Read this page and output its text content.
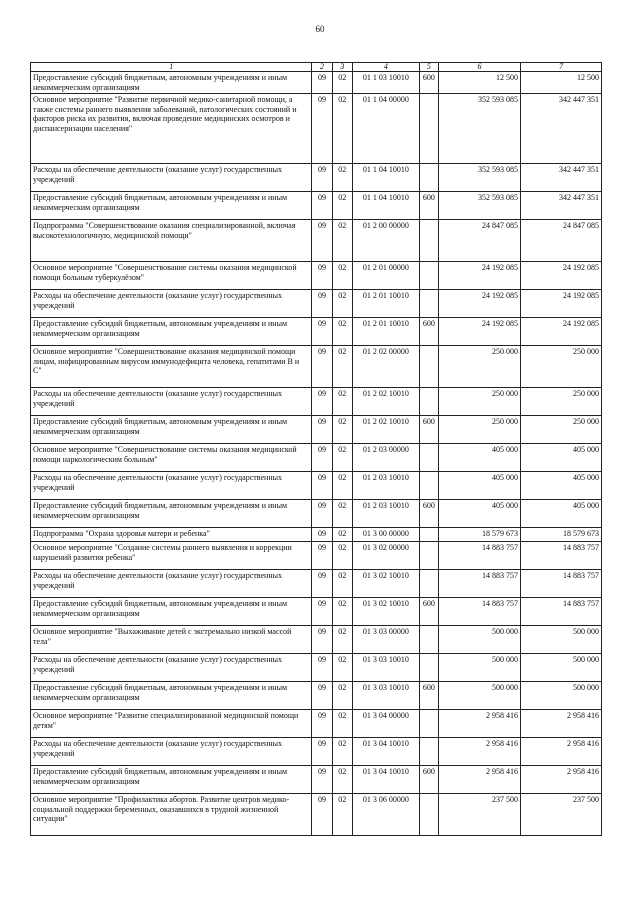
60
1	2	3	4	5	6	7
Предоставление субсидий бюджетным, автономным учреждениям и иным некоммерческим организациям	09	02	01 1 03 10010	600	12 500	12 500
Основное мероприятие "Развитие первичной медико-санитарной помощи, а также системы раннего выявления заболеваний, патологических состояний и факторов риска их развития, включая проведение медицинских осмотров и диспансеризации населения"	09	02	01 1 04 00000		352 593 085	342 447 351
Расходы на обеспечение деятельности (оказание услуг) государственных учреждений	09	02	01 1 04 10010		352 593 085	342 447 351
Предоставление субсидий бюджетным, автономным учреждениям и иным некоммерческим организациям	09	02	01 1 04 10010	600	352 593 085	342 447 351
Подпрограмма "Совершенствование оказания специализированной, включая высокотехнологичную, медицинской помощи"	09	02	01 2 00 00000		24 847 085	24 847 085
Основное мероприятие "Совершенствование системы оказания медицинской помощи больным туберкулёзом"	09	02	01 2 01 00000		24 192 085	24 192 085
Расходы на обеспечение деятельности (оказание услуг) государственных учреждений	09	02	01 2 01 10010		24 192 085	24 192 085
Предоставление субсидий бюджетным, автономным учреждениям и иным некоммерческим организациям	09	02	01 2 01 10010	600	24 192 085	24 192 085
Основное мероприятие "Совершенствование оказания медицинской помощи лицам, инфицированным вирусом иммунодефицита человека, гепатитами В и С"	09	02	01 2 02 00000		250 000	250 000
Расходы на обеспечение деятельности (оказание услуг) государственных учреждений	09	02	01 2 02 10010		250 000	250 000
Предоставление субсидий бюджетным, автономным учреждениям и иным некоммерческим организациям	09	02	01 2 02 10010	600	250 000	250 000
Основное мероприятие "Совершенствование системы оказания медицинской помощи наркологическим больным"	09	02	01 2 03 00000		405 000	405 000
Расходы на обеспечение деятельности (оказание услуг) государственных учреждений	09	02	01 2 03 10010		405 000	405 000
Предоставление субсидий бюджетным, автономным учреждениям и иным некоммерческим организациям	09	02	01 2 03 10010	600	405 000	405 000
Подпрограмма "Охрана здоровья матери и ребенка"	09	02	01 3 00 00000		18 579 673	18 579 673
Основное мероприятие "Создание системы раннего выявления и коррекции нарушений развития ребенка"	09	02	01 3 02 00000		14 883 757	14 883 757
Расходы на обеспечение деятельности (оказание услуг) государственных учреждений	09	02	01 3 02 10010		14 883 757	14 883 757
Предоставление субсидий бюджетным, автономным учреждениям и иным некоммерческим организациям	09	02	01 3 02 10010	600	14 883 757	14 883 757
Основное мероприятие "Выхаживание детей с экстремально низкой массой тела"	09	02	01 3 03 00000		500 000	500 000
Расходы на обеспечение деятельности (оказание услуг) государственных учреждений	09	02	01 3 03 10010		500 000	500 000
Предоставление субсидий бюджетным, автономным учреждениям и иным некоммерческим организациям	09	02	01 3 03 10010	600	500 000	500 000
Основное мероприятие "Развитие специализированной медицинской помощи детям"	09	02	01 3 04 00000		2 958 416	2 958 416
Расходы на обеспечение деятельности (оказание услуг) государственных учреждений	09	02	01 3 04 10010		2 958 416	2 958 416
Предоставление субсидий бюджетным, автономным учреждениям и иным некоммерческим организациям	09	02	01 3 04 10010	600	2 958 416	2 958 416
Основное мероприятие "Профилактика абортов. Развитие центров медико-социальной поддержки беременных, оказавшихся в трудной жизненной ситуации"	09	02	01 3 06 00000		237 500	237 500
